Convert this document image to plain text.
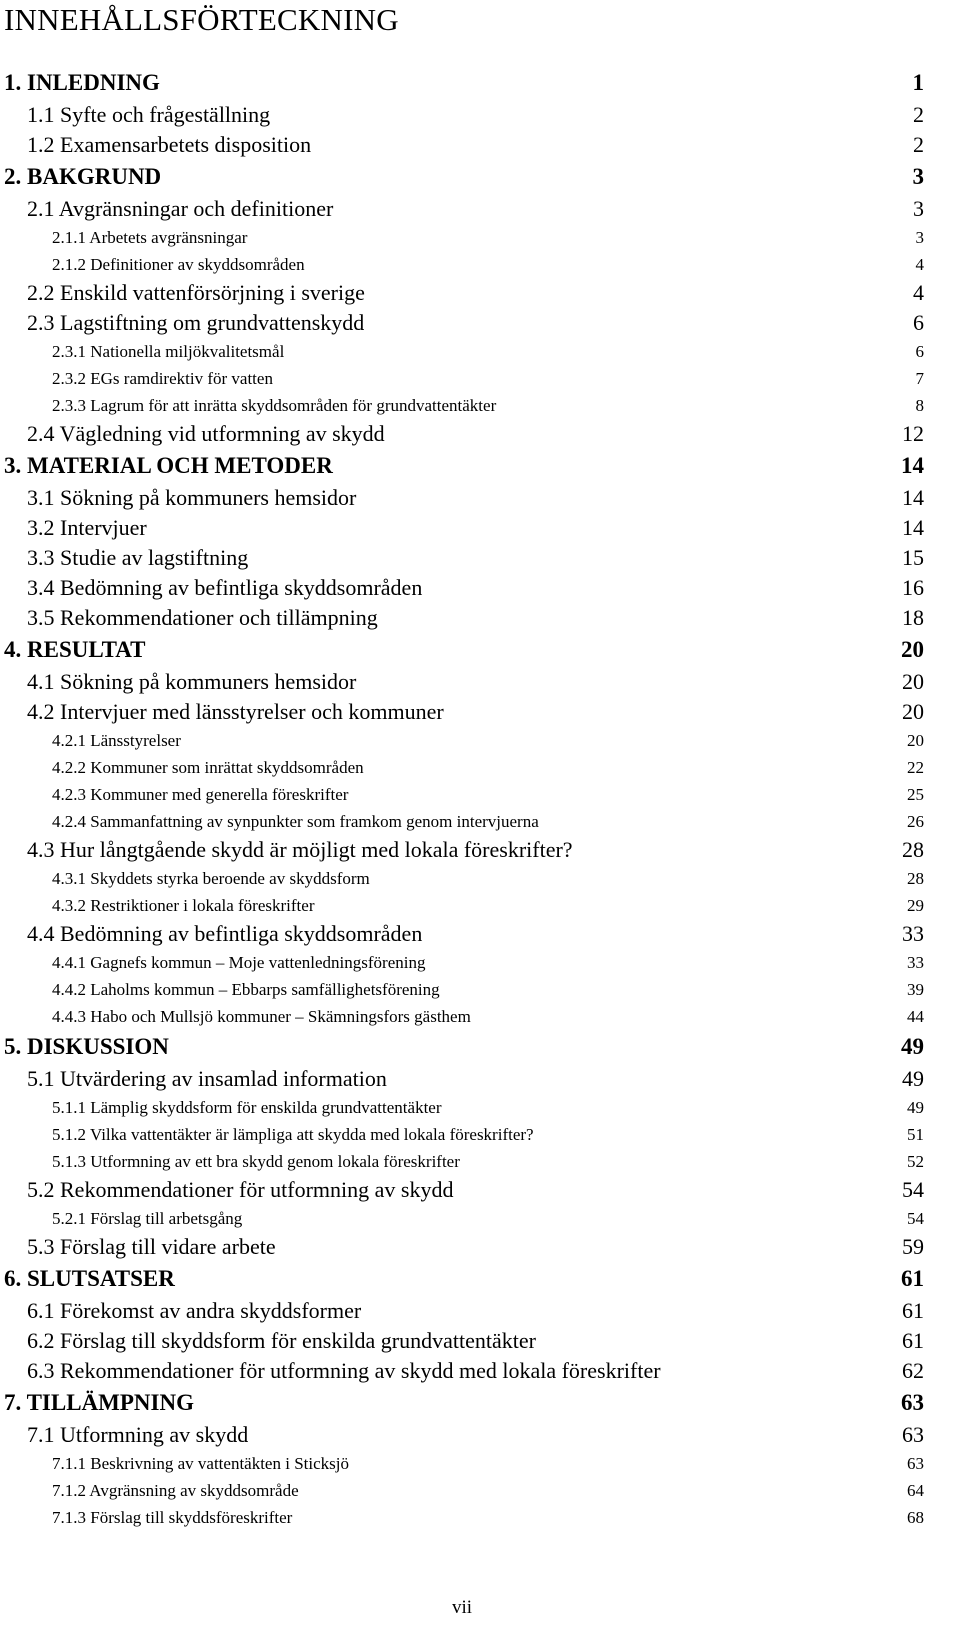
INNEHÅLLSFÖRTECKNING
1. INLEDNING	1
1.1 Syfte och frågeställning	2
1.2 Examensarbetets disposition	2
2. BAKGRUND	3
2.1 Avgränsningar och definitioner	3
2.1.1 Arbetets avgränsningar	3
2.1.2 Definitioner av skyddsområden	4
2.2 Enskild vattenförsörjning i sverige	4
2.3 Lagstiftning om grundvattenskydd	6
2.3.1 Nationella miljökvalitetsmål	6
2.3.2 EGs ramdirektiv för vatten	7
2.3.3 Lagrum för att inrätta skyddsområden för grundvattentäkter	8
2.4 Vägledning vid utformning av skydd	12
3. MATERIAL OCH METODER	14
3.1 Sökning på kommuners hemsidor	14
3.2 Intervjuer	14
3.3 Studie av lagstiftning	15
3.4 Bedömning av befintliga skyddsområden	16
3.5 Rekommendationer och tillämpning	18
4. RESULTAT	20
4.1 Sökning på kommuners hemsidor	20
4.2 Intervjuer med länsstyrelser och kommuner	20
4.2.1 Länsstyrelser	20
4.2.2 Kommuner som inrättat skyddsområden	22
4.2.3 Kommuner med generella föreskrifter	25
4.2.4 Sammanfattning av synpunkter som framkom genom intervjuerna	26
4.3 Hur långtgående skydd är möjligt med lokala föreskrifter?	28
4.3.1 Skyddets styrka beroende av skyddsform	28
4.3.2 Restriktioner i lokala föreskrifter	29
4.4 Bedömning av befintliga skyddsområden	33
4.4.1 Gagnefs kommun – Moje vattenledningsförening	33
4.4.2 Laholms kommun – Ebbarps samfällighetsförening	39
4.4.3 Habo och Mullsjö kommuner – Skämningsfors gästhem	44
5. DISKUSSION	49
5.1 Utvärdering av insamlad information	49
5.1.1 Lämplig skyddsform för enskilda grundvattentäkter	49
5.1.2 Vilka vattentäkter är lämpliga att skydda med lokala föreskrifter?	51
5.1.3 Utformning av ett bra skydd genom lokala föreskrifter	52
5.2 Rekommendationer för utformning av skydd	54
5.2.1 Förslag till arbetsgång	54
5.3 Förslag till vidare arbete	59
6. SLUTSATSER	61
6.1 Förekomst av andra skyddsformer	61
6.2 Förslag till skyddsform för enskilda grundvattentäkter	61
6.3 Rekommendationer för utformning av skydd med lokala föreskrifter	62
7. TILLÄMPNING	63
7.1 Utformning av skydd	63
7.1.1 Beskrivning av vattentäkten i Sticksjö	63
7.1.2 Avgränsning av skyddsområde	64
7.1.3 Förslag till skyddsföreskrifter	68
vii
